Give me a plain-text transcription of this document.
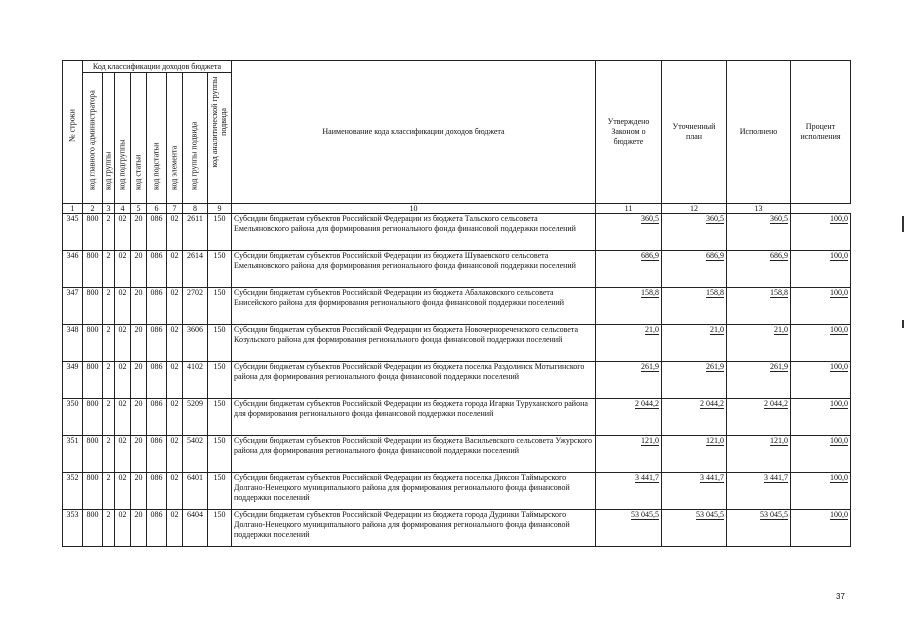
№ строки	Код классификации доходов бюджета								Наименование кода классификации доходов бюджета	Утверждено Законом о бюджете	Уточненный план	Исполнено	Процент исполнения

	код главного администратора	код группы	код подгруппы	код статьи	код подстатьи	код элемента	код группы подвида	код аналитической группы подвида					

1	2	3	4	5	6	7	8	9	10	11	12	13	
345	800	2	02	20	086	02	2611	150	Субсидии бюджетам субъектов Российской Федерации из бюджета Тальского сельсовета Емельяновского района для формирования регионального фонда финансовой поддержки поселений	360,5	360,5	360,5	100,0
346	800	2	02	20	086	02	2614	150	Субсидии бюджетам субъектов Российской Федерации из бюджета Шуваевского сельсовета Емельяновского района для формирования регионального фонда финансовой поддержки поселений	686,9	686,9	686,9	100,0
347	800	2	02	20	086	02	2702	150	Субсидии бюджетам субъектов Российской Федерации из бюджета Абалаковского сельсовета Енисейского района для формирования регионального фонда финансовой поддержки поселений	158,8	158,8	158,8	100,0
348	800	2	02	20	086	02	3606	150	Субсидии бюджетам субъектов Российской Федерации из бюджета Новочернореченского сельсовета Козульского района для формирования регионального фонда финансовой поддержки поселений	21,0	21,0	21,0	100,0
349	800	2	02	20	086	02	4102	150	Субсидии бюджетам субъектов Российской Федерации из бюджета поселка Раздолинск Мотыгинского района для формирования регионального фонда финансовой поддержки поселений	261,9	261,9	261,9	100,0
350	800	2	02	20	086	02	5209	150	Субсидии бюджетам субъектов Российской Федерации из бюджета города Игарки Туруханского района для формирования регионального фонда финансовой поддержки поселений	2 044,2	2 044,2	2 044,2	100,0
351	800	2	02	20	086	02	5402	150	Субсидии бюджетам субъектов Российской Федерации из бюджета Васильевского сельсовета Ужурского района для формирования регионального фонда финансовой поддержки поселений	121,0	121,0	121,0	100,0
352	800	2	02	20	086	02	6401	150	Субсидии бюджетам субъектов Российской Федерации из бюджета поселка Диксон Таймырского Долгано-Ненецкого муниципального района для формирования регионального фонда финансовой поддержки поселений	3 441,7	3 441,7	3 441,7	100,0
353	800	2	02	20	086	02	6404	150	Субсидии бюджетам субъектов Российской Федерации из бюджета города Дудинки Таймырского Долгано-Ненецкого муниципального района для формирования регионального фонда финансовой поддержки поселений	53 045,5	53 045,5	53 045,5	100,0
37
